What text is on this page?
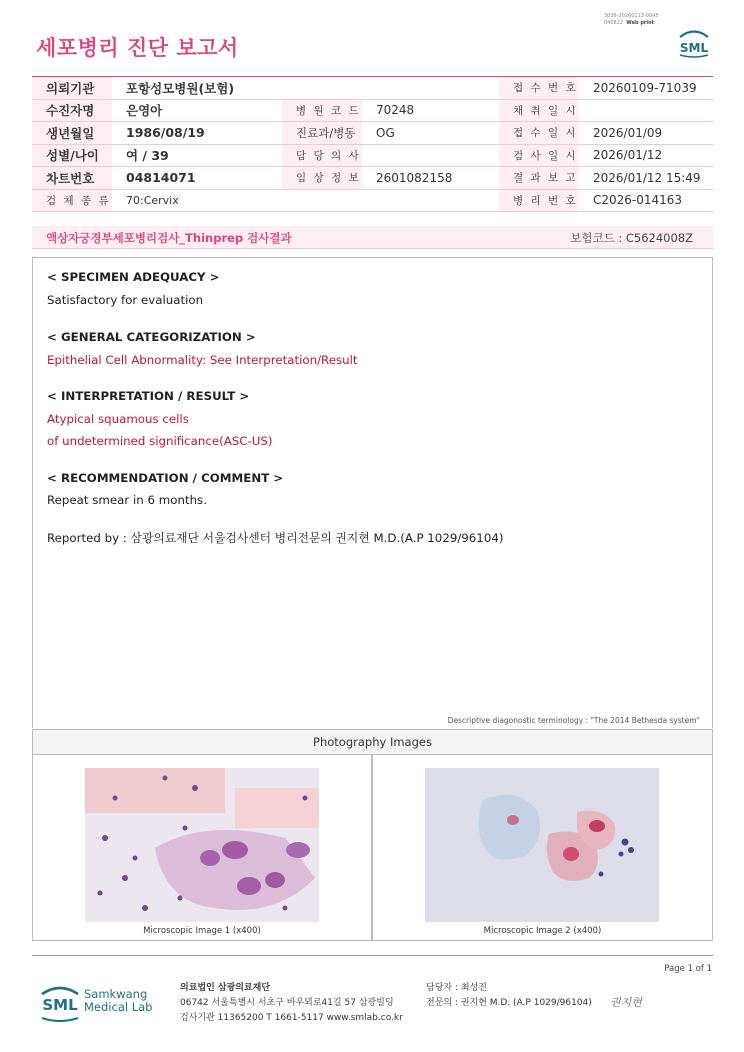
세포병리 진단 보고서
3036-20260113-0845
040822 Web print
SML
의뢰기관	포항성모병원(보험)			접 수 번 호	20260109-71039
수진자명	은영아	병 원 코 드	70248	채 취 일 시	
생년월일	1986/08/19	진료과/병동	OG	접 수 일 시	2026/01/09
성별/나이	여 / 39	담 당 의 사		검 사 일 시	2026/01/12
차트번호	04814071	임 상 정 보	2601082158	결 과 보 고	2026/01/12 15:49
검 체 종 류	70:Cervix			병 리 번 호	C2026-014163
액상자궁경부세포병리검사_Thinprep 검사결과	보험코드 : C5624008Z
< SPECIMEN ADEQUACY >
Satisfactory for evaluation
< GENERAL CATEGORIZATION >
Epithelial Cell Abnormality: See Interpretation/Result
< INTERPRETATION / RESULT >
Atypical squamous cells
of undetermined significance(ASC-US)
< RECOMMENDATION / COMMENT >
Repeat smear in 6 months.
Reported by : 삼광의료재단 서울검사센터 병리전문의 권지현 M.D.(A.P 1029/96104)
Descriptive diagonostic terminology : "The 2014 Bethesda system"
Photography Images
Microscopic Image 1 (x400)	Microscopic Image 2 (x400)
Page 1 of 1
SML
Samkwang
Medical Lab
의료법인 삼광의료재단
06742 서울특별시 서초구 바우뫼로41길 57 삼광빌딩
검사기관 11365200 T 1661-5117 www.smlab.co.kr
담당자 : 최성진
전문의 : 권지현 M.D. (A.P 1029/96104) 권지현
